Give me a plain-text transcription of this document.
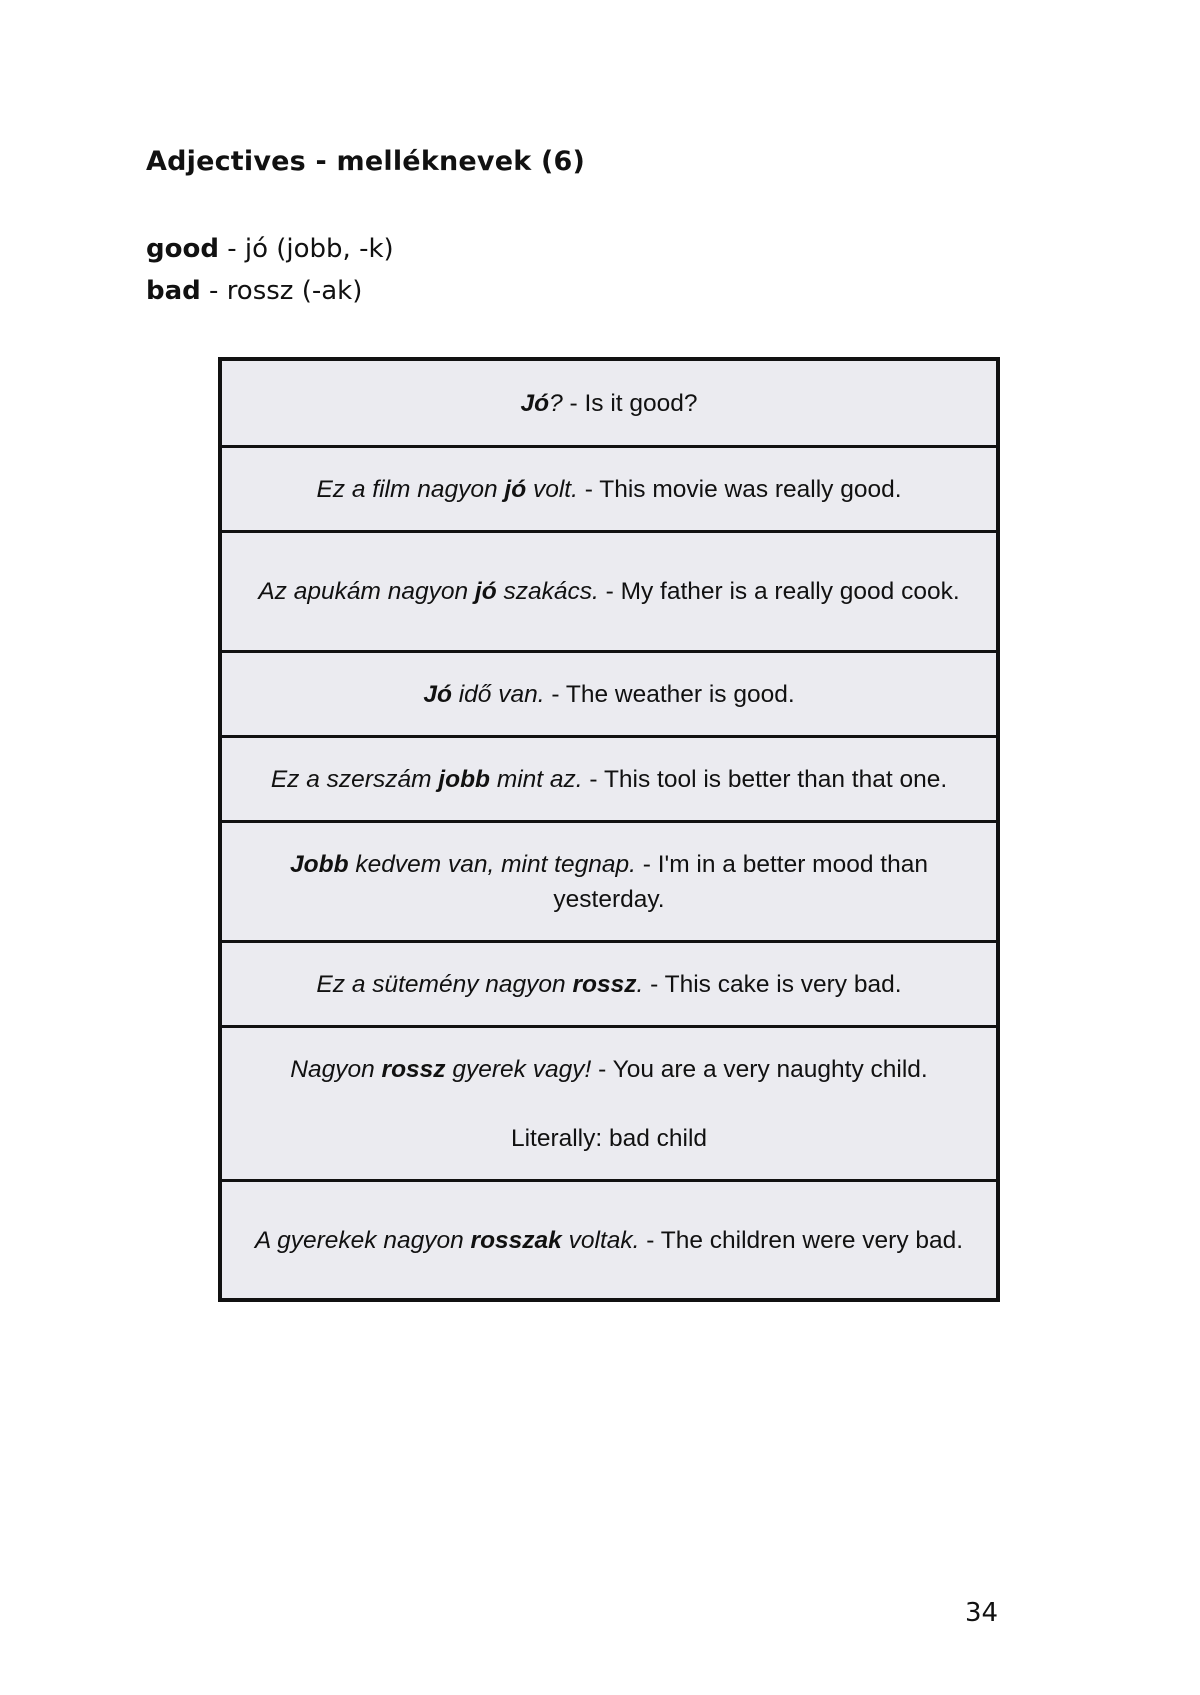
Adjectives - melléknevek (6)
good - jó (jobb, -k)
bad - rossz (-ak)
Jó? - Is it good?
Ez a film nagyon jó volt. - This movie was really good.
Az apukám nagyon jó szakács. - My father is a really good cook.
Jó idő van. - The weather is good.
Ez a szerszám jobb mint az. - This tool is better than that one.
Jobb kedvem van, mint tegnap. - I'm in a better mood than yesterday.
Ez a sütemény nagyon rossz. - This cake is very bad.
Nagyon rossz gyerek vagy! - You are a very naughty child.
Literally: bad child
A gyerekek nagyon rosszak voltak. - The children were very bad.
34
